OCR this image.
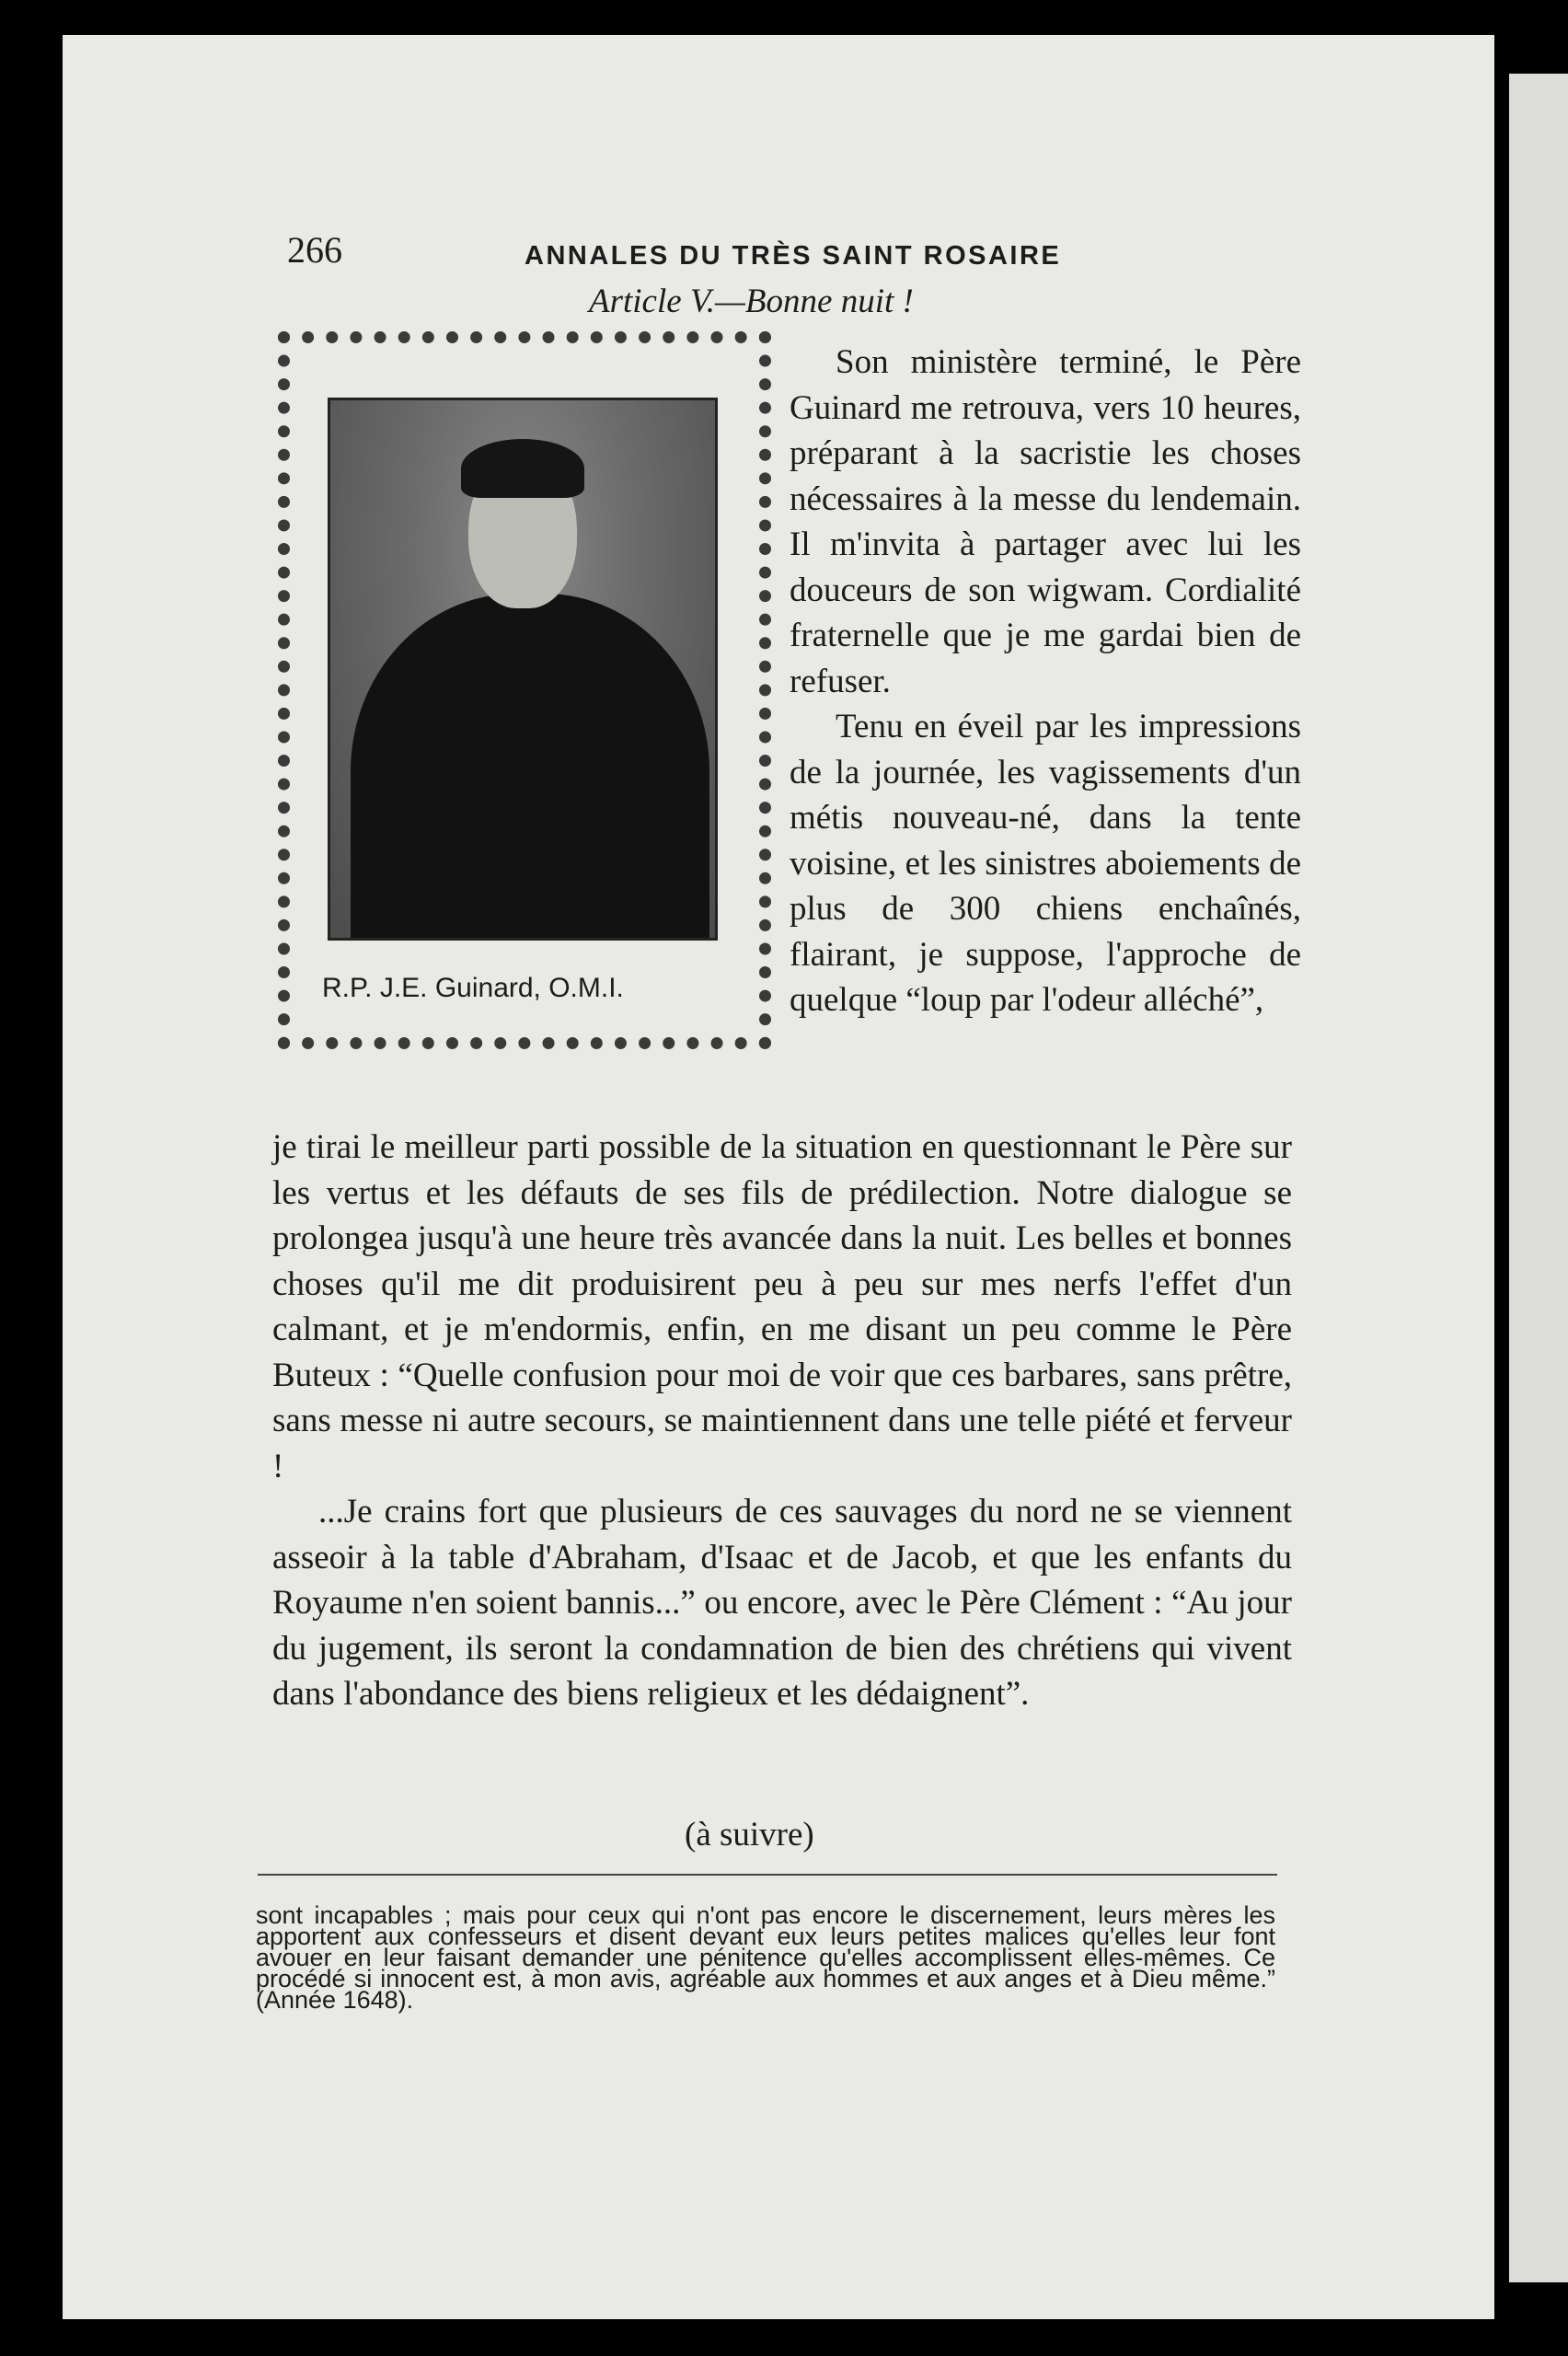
266	ANNALES DU TRÈS SAINT ROSAIRE
Article V.—Bonne nuit !
R.P. J.E. Guinard, O.M.I.

Son ministère terminé, le Père Guinard me retrouva, vers 10 heures, préparant à la sacristie les choses nécessaires à la messe du lendemain. Il m'invita à partager avec lui les douceurs de son wigwam. Cordialité fraternelle que je me gardai bien de refuser.

Tenu en éveil par les impressions de la journée, les vagissements d'un métis nouveau-né, dans la tente voisine, et les sinistres aboiements de plus de 300 chiens enchaînés, flairant, je suppose, l'approche de quelque “loup par l'odeur alléché”,

je tirai le meilleur parti possible de la situation en questionnant le Père sur les vertus et les défauts de ses fils de prédilection. Notre dialogue se prolongea jusqu'à une heure très avancée dans la nuit. Les belles et bonnes choses qu'il me dit produisirent peu à peu sur mes nerfs l'effet d'un calmant, et je m'endormis, enfin, en me disant un peu comme le Père Buteux : “Quelle confusion pour moi de voir que ces barbares, sans prêtre, sans messe ni autre secours, se maintiennent dans une telle piété et ferveur !

...Je crains fort que plusieurs de ces sauvages du nord ne se viennent asseoir à la table d'Abraham, d'Isaac et de Jacob, et que les enfants du Royaume n'en soient bannis...” ou encore, avec le Père Clément : “Au jour du jugement, ils seront la condamnation de bien des chrétiens qui vivent dans l'abondance des biens religieux et les dédaignent”.

(à suivre)
sont incapables ; mais pour ceux qui n'ont pas encore le discernement, leurs mères les apportent aux confesseurs et disent devant eux leurs petites malices qu'elles leur font avouer en leur faisant demander une pénitence qu'elles accomplissent elles-mêmes. Ce procédé si innocent est, à mon avis, agréable aux hommes et aux anges et à Dieu même.” (Année 1648).
